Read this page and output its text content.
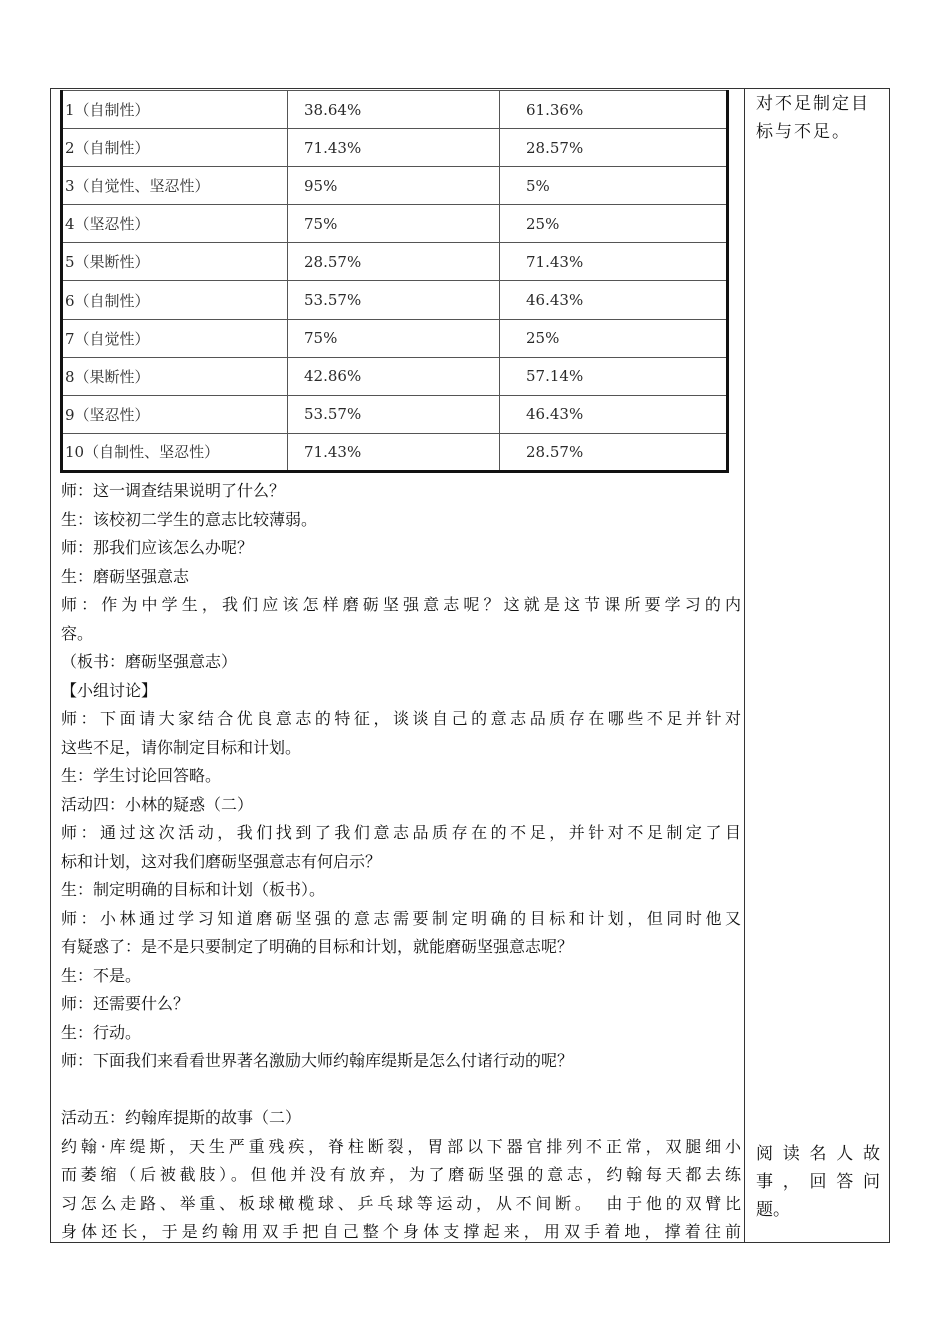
1（自制性）	38.64%	61.36%
2（自制性）	71.43%	28.57%
3（自觉性、坚忍性）	95%	5%
4（坚忍性）	75%	25%
5（果断性）	28.57%	71.43%
6（自制性）	53.57%	46.43%
7（自觉性）	75%	25%
8（果断性）	42.86%	57.14%
9（坚忍性）	53.57%	46.43%
10（自制性、坚忍性）	71.43%	28.57%
师：这一调查结果说明了什么？
生：该校初二学生的意志比较薄弱。
师：那我们应该怎么办呢？
生：磨砺坚强意志
师：作为中学生，我们应该怎样磨砺坚强意志呢？这就是这节课所要学习的内
容。
（板书：磨砺坚强意志）
【小组讨论】
师：下面请大家结合优良意志的特征，谈谈自己的意志品质存在哪些不足并针对
这些不足，请你制定目标和计划。
生：学生讨论回答略。
活动四：小林的疑惑（二）
师：通过这次活动，我们找到了我们意志品质存在的不足，并针对不足制定了目
标和计划，这对我们磨砺坚强意志有何启示？
生：制定明确的目标和计划（板书）。
师：小林通过学习知道磨砺坚强的意志需要制定明确的目标和计划，但同时他又
有疑惑了：是不是只要制定了明确的目标和计划，就能磨砺坚强意志呢？
生：不是。
师：还需要什么？
生：行动。
师：下面我们来看看世界著名激励大师约翰库缇斯是怎么付诸行动的呢？
活动五：约翰库提斯的故事（二）
约翰·库缇斯，天生严重残疾，脊柱断裂，胃部以下器官排列不正常，双腿细小
而萎缩（后被截肢）。但他并没有放弃，为了磨砺坚强的意志，约翰每天都去练
习怎么走路、举重、板球橄榄球、乒乓球等运动，从不间断。　由于他的双臂比
身体还长，于是约翰用双手把自己整个身体支撑起来，用双手着地，撑着往前
对不足制定目
标与不足。
阅读名人故
事，回答问
题。
